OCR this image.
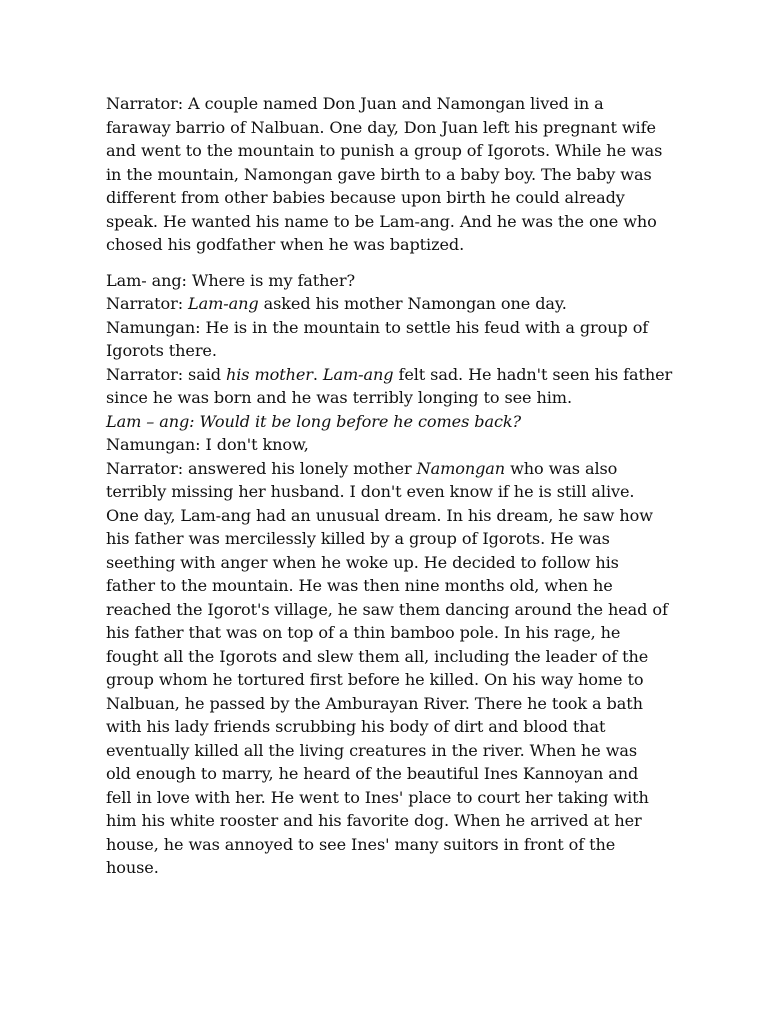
Narrator: A couple named Don Juan and Namongan lived in a
faraway barrio of Nalbuan. One day, Don Juan left his pregnant wife
and went to the mountain to punish a group of Igorots. While he was
in the mountain, Namongan gave birth to a baby boy. The baby was
different from other babies because upon birth he could already
speak. He wanted his name to be Lam-ang. And he was the one who
chosed his godfather when he was baptized.
Lam- ang: Where is my father?
Narrator: Lam-ang asked his mother Namongan one day.
Namungan: He is in the mountain to settle his feud with a group of
Igorots there.
Narrator: said his mother. Lam-ang felt sad. He hadn't seen his father
since he was born and he was terribly longing to see him.
Lam – ang: Would it be long before he comes back?
Namungan: I don't know,
Narrator: answered his lonely mother Namongan who was also
terribly missing her husband. I don't even know if he is still alive.
One day, Lam-ang had an unusual dream. In his dream, he saw how
his father was mercilessly killed by a group of Igorots. He was
seething with anger when he woke up. He decided to follow his
father to the mountain. He was then nine months old, when he
reached the Igorot's village, he saw them dancing around the head of
his father that was on top of a thin bamboo pole. In his rage, he
fought all the Igorots and slew them all, including the leader of the
group whom he tortured first before he killed. On his way home to
Nalbuan, he passed by the Amburayan River. There he took a bath
with his lady friends scrubbing his body of dirt and blood that
eventually killed all the living creatures in the river. When he was
old enough to marry, he heard of the beautiful Ines Kannoyan and
fell in love with her. He went to Ines' place to court her taking with
him his white rooster and his favorite dog. When he arrived at her
house, he was annoyed to see Ines' many suitors in front of the
house.
